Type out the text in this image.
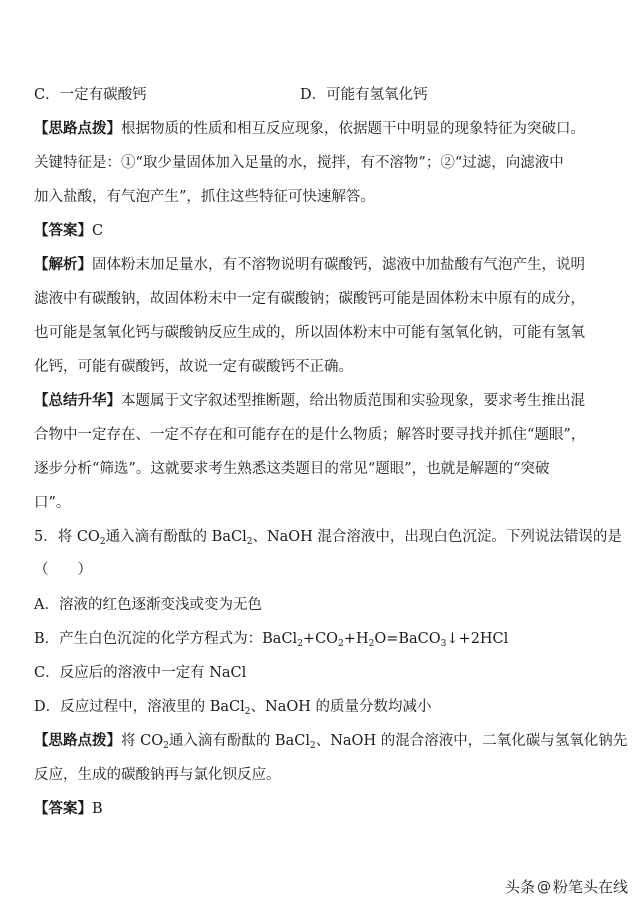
C．一定有碳酸钙	D．可能有氢氧化钙
【思路点拨】根据物质的性质和相互反应现象，依据题干中明显的现象特征为突破口。
关键特征是：①“取少量固体加入足量的水，搅拌，有不溶物”；②“过滤，向滤液中
加入盐酸，有气泡产生”，抓住这些特征可快速解答。
【答案】C
【解析】固体粉末加足量水，有不溶物说明有碳酸钙，滤液中加盐酸有气泡产生，说明
滤液中有碳酸钠，故固体粉末中一定有碳酸钠；碳酸钙可能是固体粉末中原有的成分，
也可能是氢氧化钙与碳酸钠反应生成的，所以固体粉末中可能有氢氧化钠，可能有氢氧
化钙，可能有碳酸钙，故说一定有碳酸钙不正确。
【总结升华】本题属于文字叙述型推断题，给出物质范围和实验现象，要求考生推出混
合物中一定存在、一定不存在和可能存在的是什么物质；解答时要寻找并抓住“题眼”，
逐步分析“筛选”。这就要求考生熟悉这类题目的常见“题眼”，也就是解题的“突破
口”。
5．将 $CO_2$通入滴有酚酞的 BaCl$_2$、NaOH 混合溶液中，出现白色沉淀。下列说法错误的是
（　　）
A．溶液的红色逐渐变浅或变为无色
B．产生白色沉淀的化学方程式为：$BaCl_2+CO_2+H_2O=BaCO_3↓+2HCl$
C．反应后的溶液中一定有 NaCl
D．反应过程中，溶液里的 BaCl$_2$、NaOH 的质量分数均减小
【思路点拨】将 $CO_2$通入滴有酚酞的 BaCl$_2$、NaOH 的混合溶液中，二氧化碳与氢氧化钠先
反应，生成的碳酸钠再与氯化钡反应。
【答案】B
头条 @ 粉笔头在线
